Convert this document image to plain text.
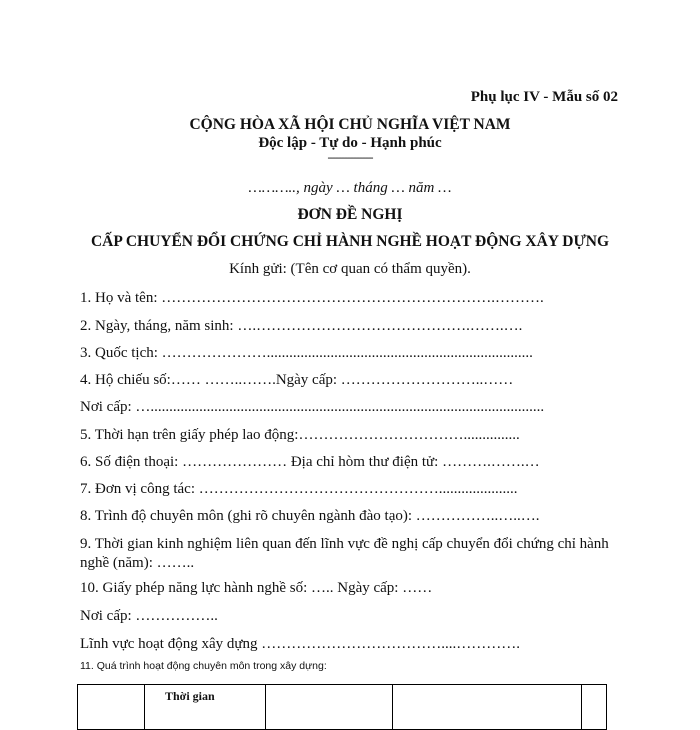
Phụ lục IV - Mẫu số 02
CỘNG HÒA XÃ HỘI CHỦ NGHĨA VIỆT NAM
Độc lập - Tự do - Hạnh phúc
---------------
……….., ngày … tháng … năm …
ĐƠN ĐỀ NGHỊ
CẤP CHUYỂN ĐỔI CHỨNG CHỈ HÀNH NGHỀ HOẠT ĐỘNG XÂY DỰNG
Kính gửi: (Tên cơ quan có thẩm quyền).
1. Họ và tên: ………………………………………………………….……….
2. Ngày, tháng, năm sinh: ….…………………………………….…….….
3. Quốc tịch: ………………….......................................................................
4. Hộ chiếu số:…… ……..…….Ngày cấp: ………………………..……
Nơi cấp: ….........................................................................................................
5. Thời hạn trên giấy phép lao động:……………………………...............
6. Số điện thoại: ………………… Địa chỉ hòm thư điện tử: ……….…….…
7. Đơn vị công tác: ………………………………………….....................
8. Trình độ chuyên môn (ghi rõ chuyên ngành đào tạo): ……………..…..….
9. Thời gian kinh nghiệm liên quan đến lĩnh vực đề nghị cấp chuyển đổi chứng chỉ hành nghề (năm): ……..
10. Giấy phép năng lực hành nghề số: ….. Ngày cấp: ……
Nơi cấp: ……………..
Lĩnh vực hoạt động xây dựng ………………………………....………….
11. Quá trình hoạt động chuyên môn trong xây dựng:
	Thời gian			
